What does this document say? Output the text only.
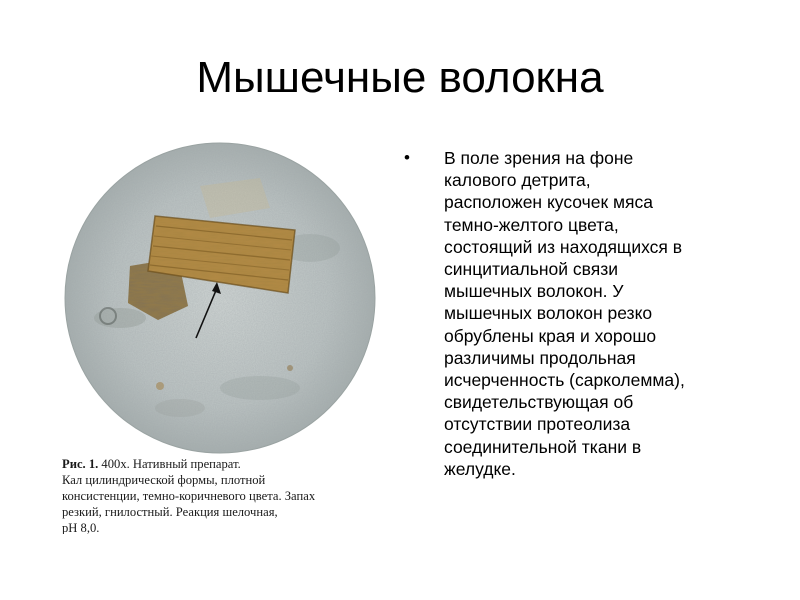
Мышечные волокна
Рис. 1. 400х. Нативный препарат.
Кал цилиндрической формы, плотной
консистенции, темно-коричневого цвета. Запах
резкий, гнилостный. Реакция шелочная,
pH 8,0.
• В поле зрения на фоне
калового детрита,
расположен кусочек мяса
темно-желтого цвета,
состоящий из находящихся в
синцитиальной связи
мышечных волокон. У
мышечных волокон резко
обрублены края и хорошо
различимы продольная
исчерченность (сарколемма),
свидетельствующая об
отсутствии протеолиза
соединительной ткани в
желудке.
